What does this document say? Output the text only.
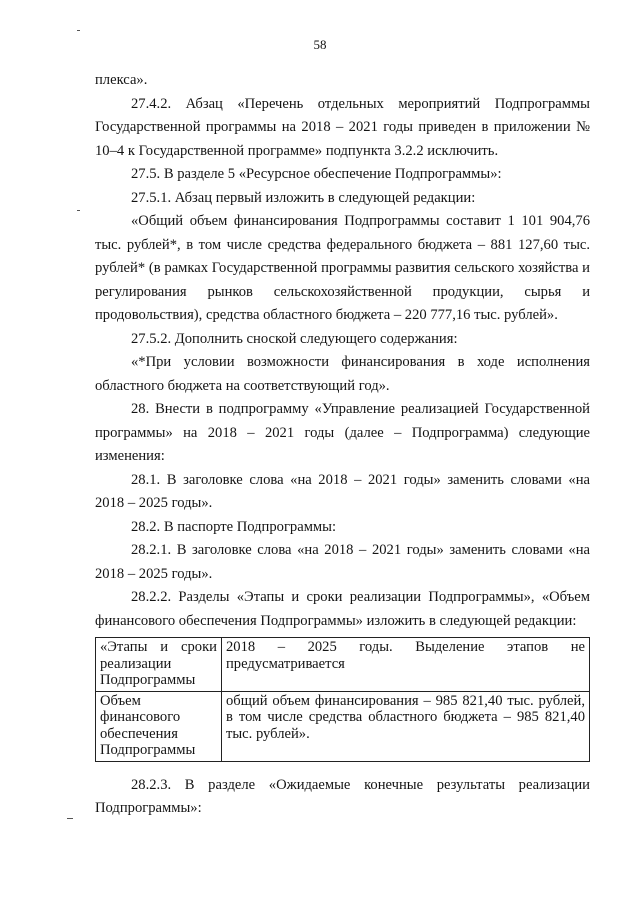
58

плекса».

27.4.2. Абзац «Перечень отдельных мероприятий Подпрограммы Государственной программы на 2018 – 2021 годы приведен в приложении № 10–4 к Государственной программе» подпункта 3.2.2 исключить.

27.5. В разделе 5 «Ресурсное обеспечение Подпрограммы»:

27.5.1. Абзац первый изложить в следующей редакции:

«Общий объем финансирования Подпрограммы составит 1 101 904,76 тыс. рублей*, в том числе средства федерального бюджета – 881 127,60 тыс. рублей* (в рамках Государственной программы развития сельского хозяйства и регулирования рынков сельскохозяйственной продукции, сырья и продовольствия), средства областного бюджета – 220 777,16 тыс. рублей».

27.5.2. Дополнить сноской следующего содержания:

«*При условии возможности финансирования в ходе исполнения областного бюджета на соответствующий год».

28. Внести в подпрограмму «Управление реализацией Государственной программы» на 2018 – 2021 годы (далее – Подпрограмма) следующие изменения:

28.1. В заголовке слова «на 2018 – 2021 годы» заменить словами «на 2018 – 2025 годы».

28.2. В паспорте Подпрограммы:

28.2.1. В заголовке слова «на 2018 – 2021 годы» заменить словами «на 2018 – 2025 годы».

28.2.2. Разделы «Этапы и сроки реализации Подпрограммы», «Объем финансового обеспечения Подпрограммы» изложить в следующей редакции:

«Этапы и сроки реализации Подпрограммы	2018 – 2025 годы. Выделение этапов не предусматривается
Объем финансового обеспечения Подпрограммы	общий объем финансирования – 985 821,40 тыс. рублей, в том числе средства областного бюджета – 985 821,40 тыс. рублей».

28.2.3. В разделе «Ожидаемые конечные результаты реализации Подпрограммы»:
